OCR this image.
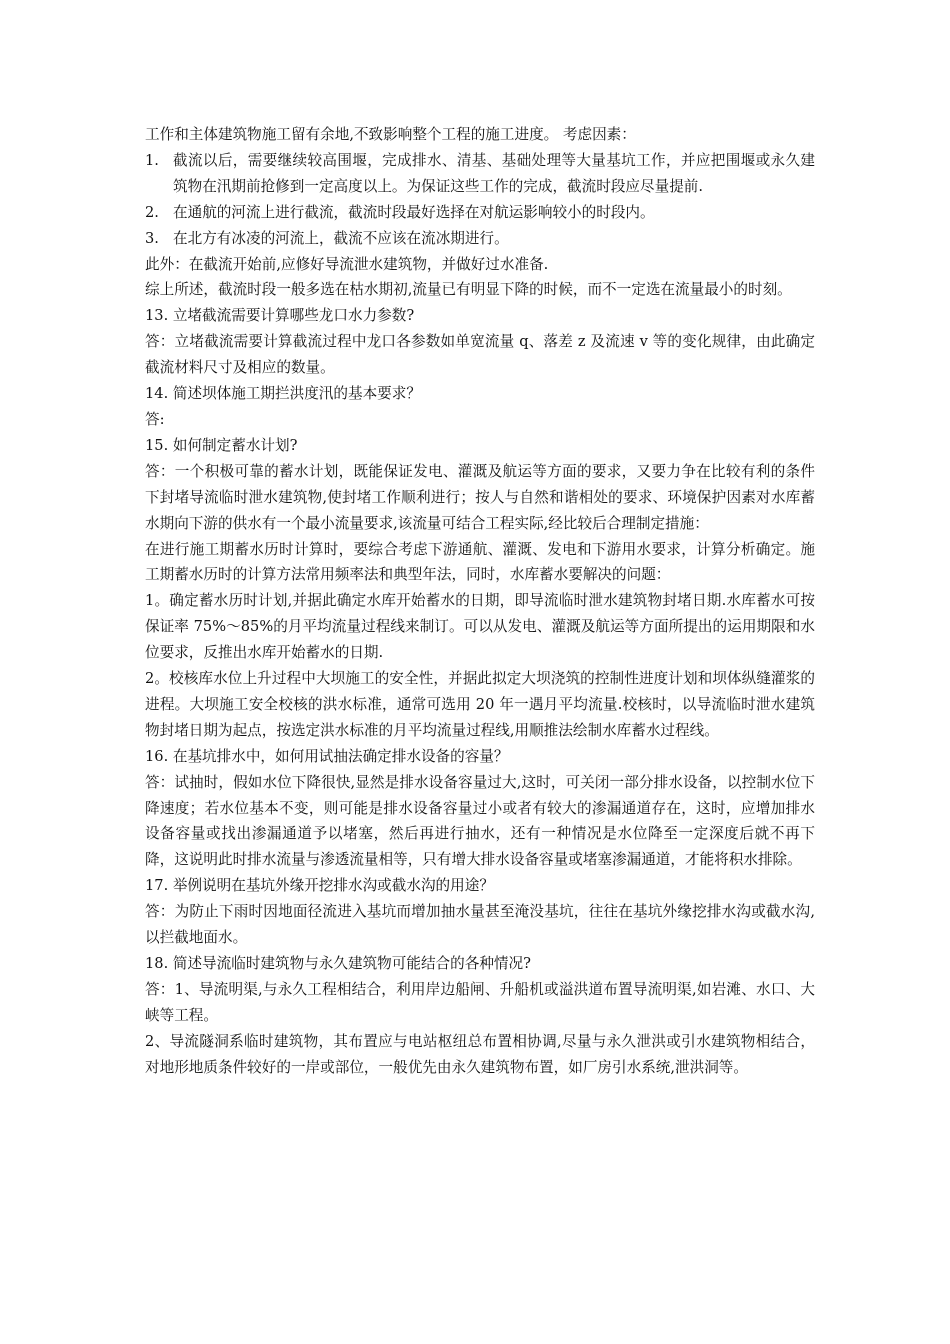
工作和主体建筑物施工留有余地,不致影响整个工程的施工进度。 考虑因素：

1. 截流以后，需要继续较高围堰，完成排水、清基、基础处理等大量基坑工作，并应把围堰或永久建筑物在汛期前抢修到一定高度以上。为保证这些工作的完成，截流时段应尽量提前.
2. 在通航的河流上进行截流，截流时段最好选择在对航运影响较小的时段内。
3. 在北方有冰凌的河流上，截流不应该在流冰期进行。

此外：在截流开始前,应修好导流泄水建筑物，并做好过水准备.

综上所述，截流时段一般多选在枯水期初,流量已有明显下降的时候，而不一定选在流量最小的时刻。

13. 立堵截流需要计算哪些龙口水力参数?

答：立堵截流需要计算截流过程中龙口各参数如单宽流量 q、落差 z 及流速 v 等的变化规律，由此确定截流材料尺寸及相应的数量。

14. 简述坝体施工期拦洪度汛的基本要求？

答:

15. 如何制定蓄水计划?

答：一个积极可靠的蓄水计划，既能保证发电、灌溉及航运等方面的要求，又要力争在比较有利的条件下封堵导流临时泄水建筑物,使封堵工作顺利进行；按人与自然和谐相处的要求、环境保护因素对水库蓄水期向下游的供水有一个最小流量要求,该流量可结合工程实际,经比较后合理制定措施：

在进行施工期蓄水历时计算时，要综合考虑下游通航、灌溉、发电和下游用水要求，计算分析确定。施工期蓄水历时的计算方法常用频率法和典型年法，同时，水库蓄水要解决的问题：

1。确定蓄水历时计划,并据此确定水库开始蓄水的日期，即导流临时泄水建筑物封堵日期.水库蓄水可按保证率 75%～85%的月平均流量过程线来制订。可以从发电、灌溉及航运等方面所提出的运用期限和水位要求，反推出水库开始蓄水的日期.

2。校核库水位上升过程中大坝施工的安全性，并据此拟定大坝浇筑的控制性进度计划和坝体纵缝灌浆的进程。大坝施工安全校核的洪水标准，通常可选用 20 年一遇月平均流量.校核时，以导流临时泄水建筑物封堵日期为起点，按选定洪水标准的月平均流量过程线,用顺推法绘制水库蓄水过程线。

16. 在基坑排水中，如何用试抽法确定排水设备的容量？

答：试抽时，假如水位下降很快,显然是排水设备容量过大,这时，可关闭一部分排水设备，以控制水位下降速度；若水位基本不变，则可能是排水设备容量过小或者有较大的渗漏通道存在，这时，应增加排水设备容量或找出渗漏通道予以堵塞，然后再进行抽水，还有一种情况是水位降至一定深度后就不再下降，这说明此时排水流量与渗透流量相等，只有增大排水设备容量或堵塞渗漏通道，才能将积水排除。

17. 举例说明在基坑外缘开挖排水沟或截水沟的用途？

答：为防止下雨时因地面径流进入基坑而增加抽水量甚至淹没基坑，往往在基坑外缘挖排水沟或截水沟,以拦截地面水。

18. 简述导流临时建筑物与永久建筑物可能结合的各种情况?

答：1、导流明渠,与永久工程相结合，利用岸边船闸、升船机或溢洪道布置导流明渠,如岩滩、水口、大峡等工程。

2、导流隧洞系临时建筑物，其布置应与电站枢纽总布置相协调,尽量与永久泄洪或引水建筑物相结合，对地形地质条件较好的一岸或部位，一般优先由永久建筑物布置，如厂房引水系统,泄洪洞等。
